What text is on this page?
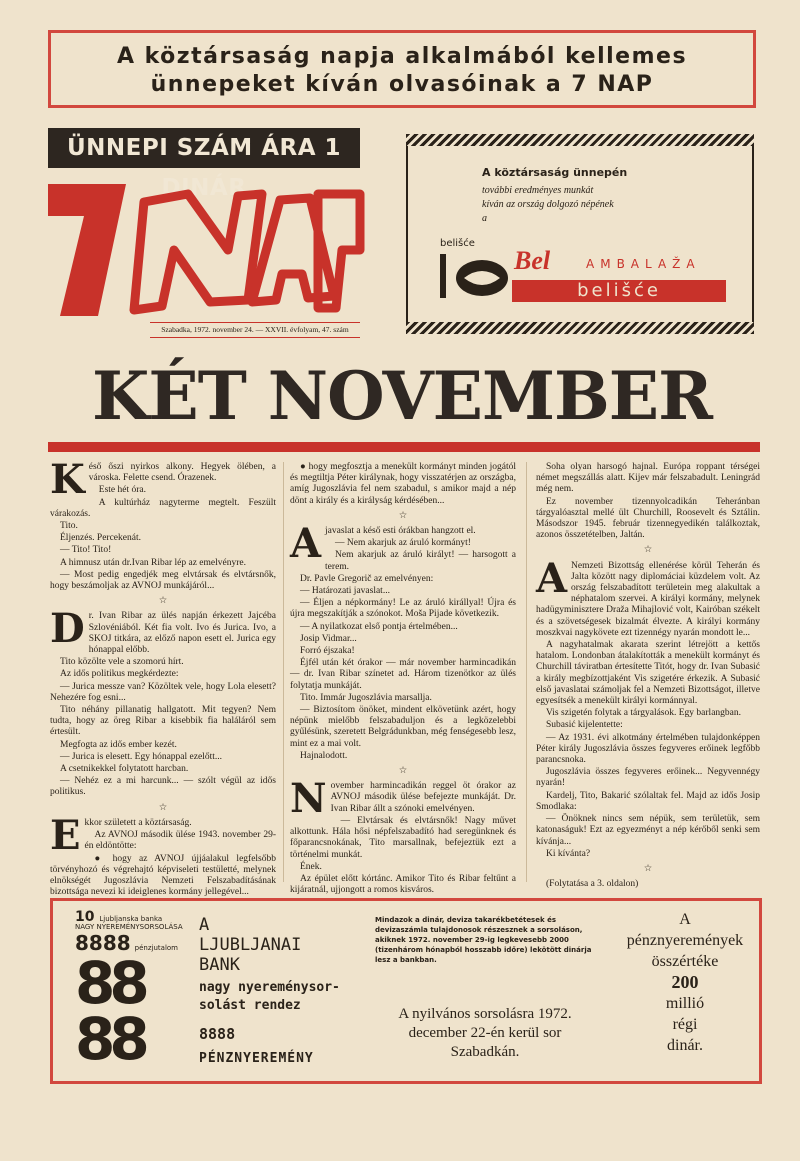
A köztársaság napja alkalmából kellemes
ünnepeket kíván olvasóinak a 7 NAP
ÜNNEPI SZÁM ÁRA 1 DINÁR
Szabadka, 1972. november 24. — XXVII. évfolyam, 47. szám
A köztársaság ünnepén
további eredményes munkát
kíván az ország dolgozó népének
a
belišće
Bel	AMBALAŽA
belišće
KÉT NOVEMBER

Késő őszi nyirkos alkony. Hegyek ölében, a városka. Felette csend. Órazenek.

Este hét óra.

A kultúrház nagyterme megtelt. Feszült várakozás.

Tito.

Éljenzés. Percekenát.

— Tito! Tito!

A himnusz után dr.Ivan Ribar lép az emelvényre.

— Most pedig engedjék meg elvtársak és elvtársnők, hogy beszámoljak az AVNOJ munkájáról...

☆

Dr. Ivan Ribar az ülés napján érkezett Jajcéba Szlovéniából. Két fia volt. Ivo és Jurica. Ivo, a SKOJ titkára, az előző napon esett el. Jurica egy hónappal előbb.

Tito közölte vele a szomorú hírt.

Az idős politikus megkérdezte:

— Jurica messze van? Közöltek vele, hogy Lola elesett? Nehezére fog esni...

Tito néhány pillanatig hallgatott. Mit tegyen? Nem tudta, hogy az öreg Ribar a kisebbik fia haláláról sem értesült.

Megfogta az idős ember kezét.

— Jurica is elesett. Egy hónappal ezelőtt...

A csetnikekkel folytatott harcban.

— Nehéz ez a mi harcunk... — szólt végül az idős politikus.

☆

Ekkor született a köztársaság.

Az AVNOJ második ülése 1943. november 29-én eldöntötte:

● hogy az AVNOJ újjáalakul legfelsőbb törvényhozó és végrehajtó képviseleti testületté, melynek elnökségét Jugoszlávia Nemzeti Felszabadításának bizottsága nevezi ki ideiglenes kormány jellegével...

● hogy megfosztja a menekült kormányt minden jogától és megtiltja Péter királynak, hogy visszatérjen az országba, amíg Jugoszlávia fel nem szabadul, s amikor majd a nép dönt a király és a királyság kérdésében...

☆

A javaslat a késő esti órákban hangzott el.

— Nem akarjuk az áruló kormányt!

Nem akarjuk az áruló királyt! — harsogott a terem.

Dr. Pavle Gregorič az emelvényen:

— Határozati javaslat...

— Éljen a népkormány! Le az áruló királlyal! Újra és újra megszakítják a szónokot. Moša Pijade következik.

— A nyilatkozat első pontja értelmében...

Josip Vidmar...

Forró éjszaka!

Éjfél után két órakor — már november harmincadikán — dr. Ivan Ribar színetet ad. Három tizenötkor az ülés folytatja munkáját.

Tito. Immár Jugoszlávia marsallja.

— Biztosítom önöket, mindent elkövetünk azért, hogy népünk mielőbb felszabaduljon és a legközelebbi gyűlésünk, szeretett Belgrádunkban, még fenségesebb lesz, mint ez a mai volt.

Hajnalodott.

☆

November harmincadikán reggel öt órakor az AVNOJ második ülése befejezte munkáját. Dr. Ivan Ribar állt a szónoki emelvényen.

— Elvtársak és elvtársnők! Nagy művet alkottunk. Hála hősi népfelszabadító had seregünknek és főparancsnokának, Tito marsallnak, befejeztük ezt a történelmi munkát.

Ének.

Az épület előtt kórtánc. Amikor Tito és Ribar feltűnt a kijáratnál, ujjongott a romos kisváros.

Soha olyan harsogó hajnal. Európa roppant térségei német megszállás alatt. Kijev már felszabadult. Leningrád még nem.

Ez november tizennyolcadikán Teheránban tárgyalóasztal mellé ült Churchill, Roosevelt és Sztálin. Másodszor 1945. február tizennegyedikén találkoztak, azonos összetételben, Jaltán.

☆

A Nemzeti Bizottság ellenérése körül Teherán és Jalta között nagy diplomáciai küzdelem volt. Az ország felszabadított területein meg alakultak a néphatalom szervei. A királyi kormány, melynek hadügyminisztere Draža Mihajlović volt, Kairóban székelt és a szövetségesek bizalmát élvezte. A királyi kormány moszkvai nagykövete ezt tizennégy nyarán mondott le...

A nagyhatalmak akarata szerint létrejött a kettős hatalom. Londonban átalakították a menekült kormányt és Churchill táviratban értesítette Titót, hogy dr. Ivan Subasić a király megbízottjaként Vis szigetére érkezik. A Subasić első javaslatai számoljak fel a Nemzeti Bizottságot, illetve egyesítsék a menekült királyi kormánnyal.

Vis szigetén folytak a tárgyalások. Egy barlangban.

Subasić kijelentette:

— Az 1931. évi alkotmány értelmében tulajdonképpen Péter király Jugoszlávia összes fegyveres erőinek legfőbb parancsnoka.

Jugoszlávia összes fegyveres erőinek... Negyvennégy nyarán!

Kardelj, Tito, Bakarić szólaltak fel. Majd az idős Josip Smodlaka:

— Önöknek nincs sem népük, sem területük, sem katonaságuk! Ezt az egyezményt a nép kérőből senki sem kívánja...

Ki kívánta?

☆

(Folytatása a 3. oldalon)

10 Ljubljanska banka
NAGY NYEREMÉNYSORSOLÁSA
8888 pénzjutalom
88
88
A
LJUBLJANAI
BANK
nagy nyereménysor-
solást rendez
8888
PÉNZNYEREMÉNY
Mindazok a dinár, deviza takarékbetétesek és devizaszámla tulajdonosok részesznek a sorsoláson, akiknek 1972. november 29-ig legkevesebb 2000 (tizenhárom hónapból hosszabb időre) lekötött dinárja lesz a bankban.
A nyilvános sorsolásra 1972.
december 22-én kerül sor
Szabadkán.
A
pénznyeremények
összértéke
200
millió
régi
dinár.
